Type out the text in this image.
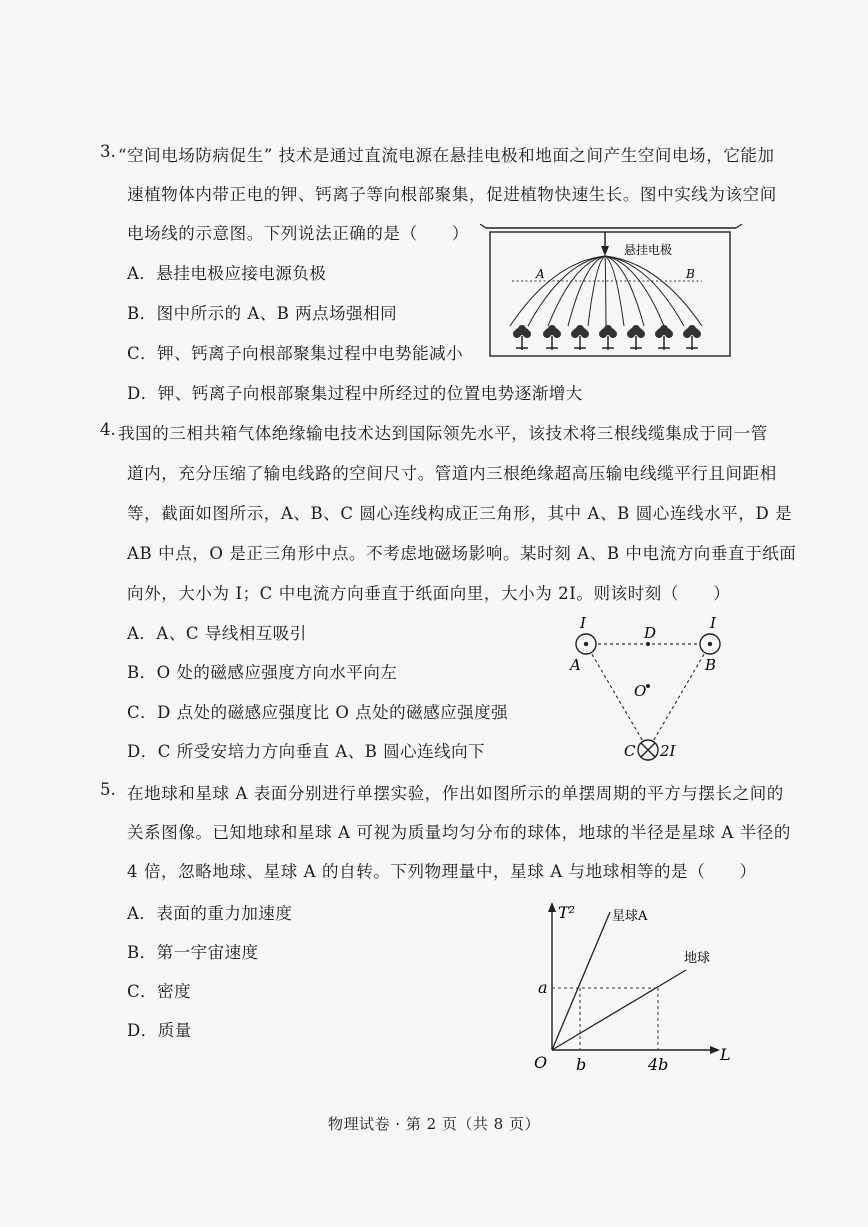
3. “空间电场防病促生” 技术是通过直流电源在悬挂电极和地面之间产生空间电场，它能加
速植物体内带正电的钾、钙离子等向根部聚集，促进植物快速生长。图中实线为该空间
电场线的示意图。下列说法正确的是（　　）
A．悬挂电极应接电源负极
B．图中所示的 A、B 两点场强相同
C．钾、钙离子向根部聚集过程中电势能减小
D．钾、钙离子向根部聚集过程中所经过的位置电势逐渐增大
悬挂电极
A	B
4. 我国的三相共箱气体绝缘输电技术达到国际领先水平，该技术将三根线缆集成于同一管
道内，充分压缩了输电线路的空间尺寸。管道内三根绝缘超高压输电线缆平行且间距相
等，截面如图所示，A、B、C 圆心连线构成正三角形，其中 A、B 圆心连线水平，D 是
AB 中点，O 是正三角形中点。不考虑地磁场影响。某时刻 A、B 中电流方向垂直于纸面
向外，大小为 I；C 中电流方向垂直于纸面向里，大小为 2I。则该时刻（　　）
A．A、C 导线相互吸引
B．O 处的磁感应强度方向水平向左
C．D 点处的磁感应强度比 O 点处的磁感应强度强
D．C 所受安培力方向垂直 A、B 圆心连线向下
I	I
A	B
D
O
C 2I
5. 在地球和星球 A 表面分别进行单摆实验，作出如图所示的单摆周期的平方与摆长之间的
关系图像。已知地球和星球 A 可视为质量均匀分布的球体，地球的半径是星球 A 半径的
4 倍，忽略地球、星球 A 的自转。下列物理量中，星球 A 与地球相等的是（　　）
A．表面的重力加速度
B．第一宇宙速度
C．密度
D．质量
T²
L
O
星球A
地球
a
b	4b
物理试卷 · 第 2 页（共 8 页）
